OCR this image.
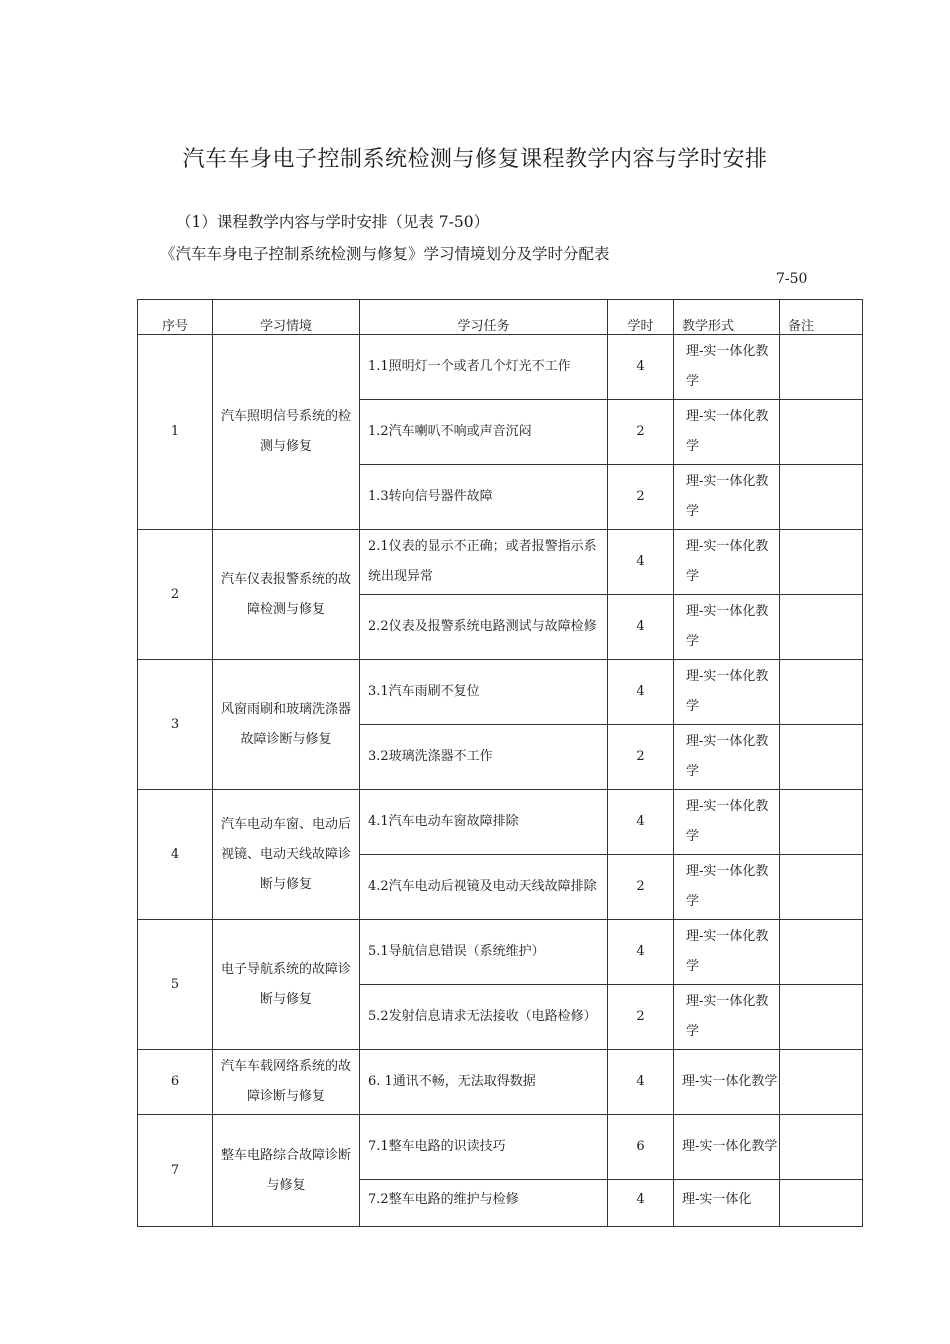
汽车车身电子控制系统检测与修复课程教学内容与学时安排
（1）课程教学内容与学时安排（见表 7-50）
《汽车车身电子控制系统检测与修复》学习情境划分及学时分配表
7-50
序号	学习情境	学习任务	学时	教学形式	备注
1	汽车照明信号系统的检测与修复	1.1照明灯一个或者几个灯光不工作	4	理-实一体化教学	
		1.2汽车喇叭不响或声音沉闷	2	理-实一体化教学	
		1.3转向信号器件故障	2	理-实一体化教学	
2	汽车仪表报警系统的故障检测与修复	2.1仪表的显示不正确；或者报警指示系统出现异常	4	理-实一体化教学	
		2.2仪表及报警系统电路测试与故障检修	4	理-实一体化教学	
3	风窗雨刷和玻璃洗涤器故障诊断与修复	3.1汽车雨刷不复位	4	理-实一体化教学	
		3.2玻璃洗涤器不工作	2	理-实一体化教学	
4	汽车电动车窗、电动后视镜、电动天线故障诊断与修复	4.1汽车电动车窗故障排除	4	理-实一体化教学	
		4.2汽车电动后视镜及电动天线故障排除	2	理-实一体化教学	
5	电子导航系统的故障诊断与修复	5.1导航信息错误（系统维护）	4	理-实一体化教学	
		5.2发射信息请求无法接收（电路检修）	2	理-实一体化教学	
6	汽车车载网络系统的故障诊断与修复	6. 1通讯不畅，无法取得数据	4	理-实一体化教学	
7	整车电路综合故障诊断与修复	7.1整车电路的识读技巧	6	理-实一体化教学	
		7.2整车电路的维护与检修	4	理-实一体化	
